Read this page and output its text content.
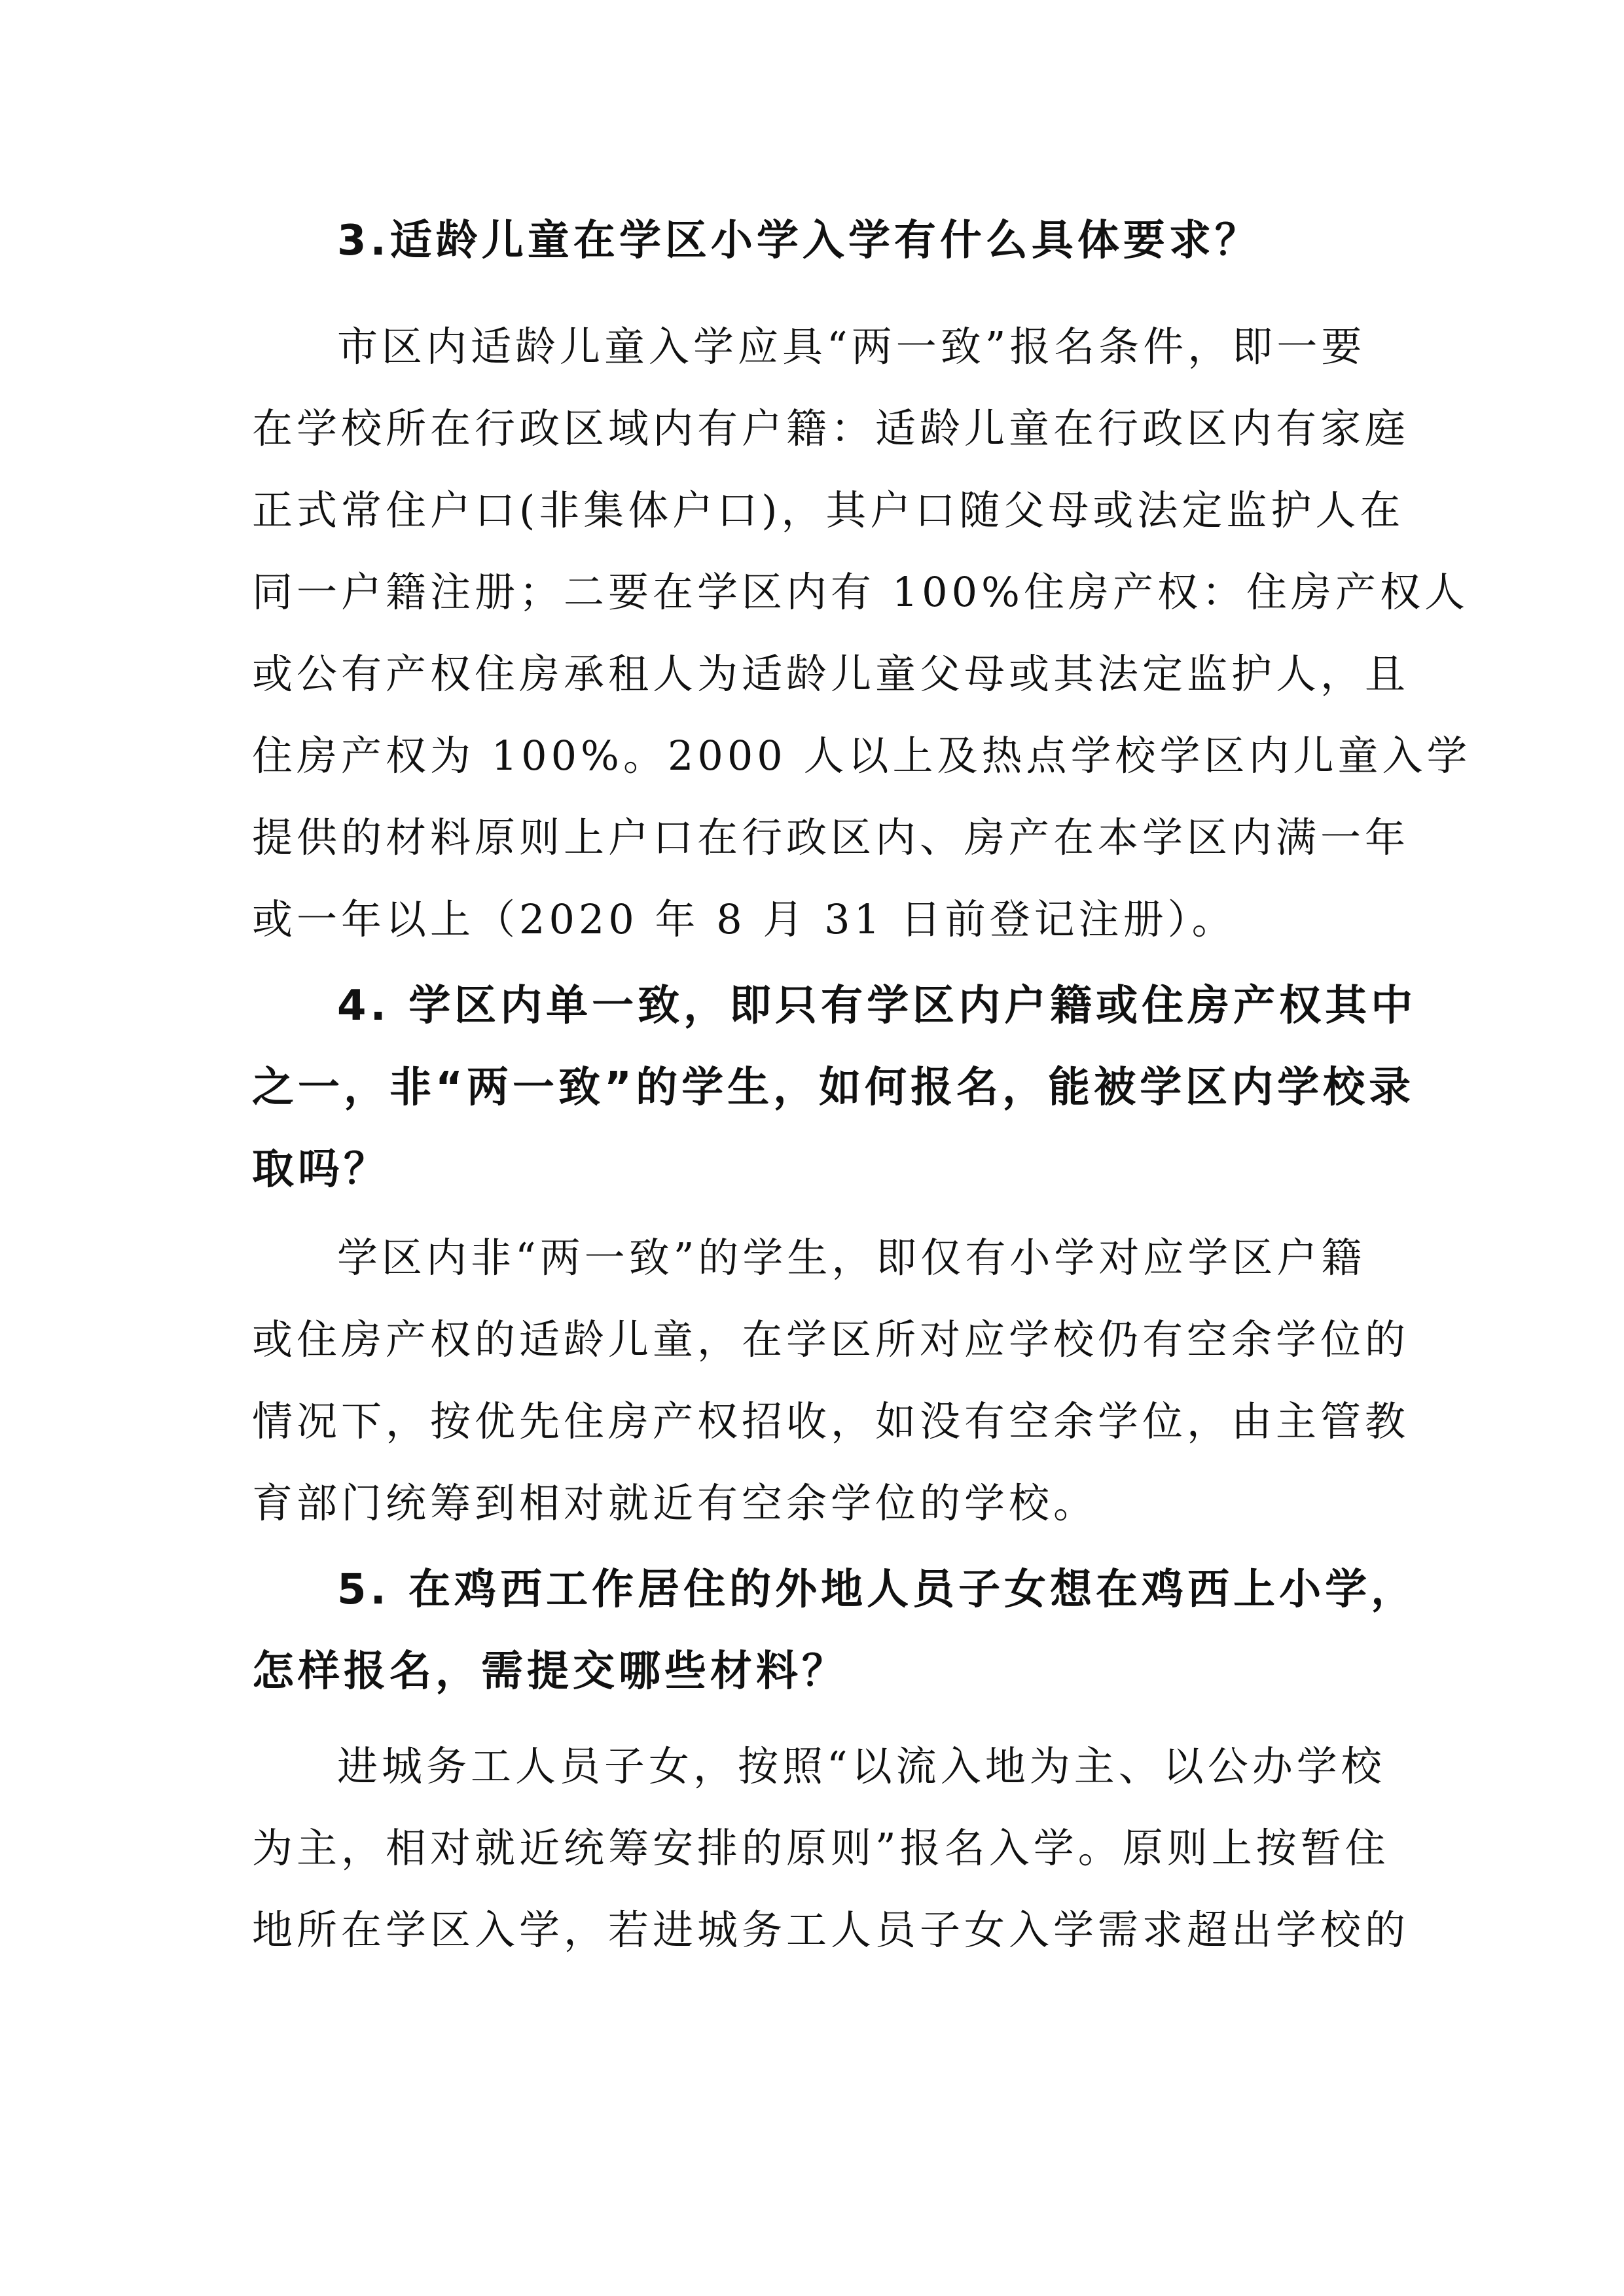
3.适龄儿童在学区小学入学有什么具体要求？

市区内适龄儿童入学应具“两一致”报名条件，即一要

在学校所在行政区域内有户籍：适龄儿童在行政区内有家庭

正式常住户口(非集体户口)，其户口随父母或法定监护人在

同一户籍注册；二要在学区内有 100%住房产权：住房产权人

或公有产权住房承租人为适龄儿童父母或其法定监护人，且

住房产权为 100%。2000 人以上及热点学校学区内儿童入学

提供的材料原则上户口在行政区内、房产在本学区内满一年

或一年以上（2020 年 8 月 31 日前登记注册）。

4. 学区内单一致，即只有学区内户籍或住房产权其中
之一，非“两一致”的学生，如何报名，能被学区内学校录
取吗？

学区内非“两一致”的学生，即仅有小学对应学区户籍

或住房产权的适龄儿童，在学区所对应学校仍有空余学位的

情况下，按优先住房产权招收，如没有空余学位，由主管教

育部门统筹到相对就近有空余学位的学校。

5. 在鸡西工作居住的外地人员子女想在鸡西上小学，
怎样报名，需提交哪些材料？

进城务工人员子女，按照“以流入地为主、以公办学校

为主，相对就近统筹安排的原则”报名入学。原则上按暂住

地所在学区入学，若进城务工人员子女入学需求超出学校的
